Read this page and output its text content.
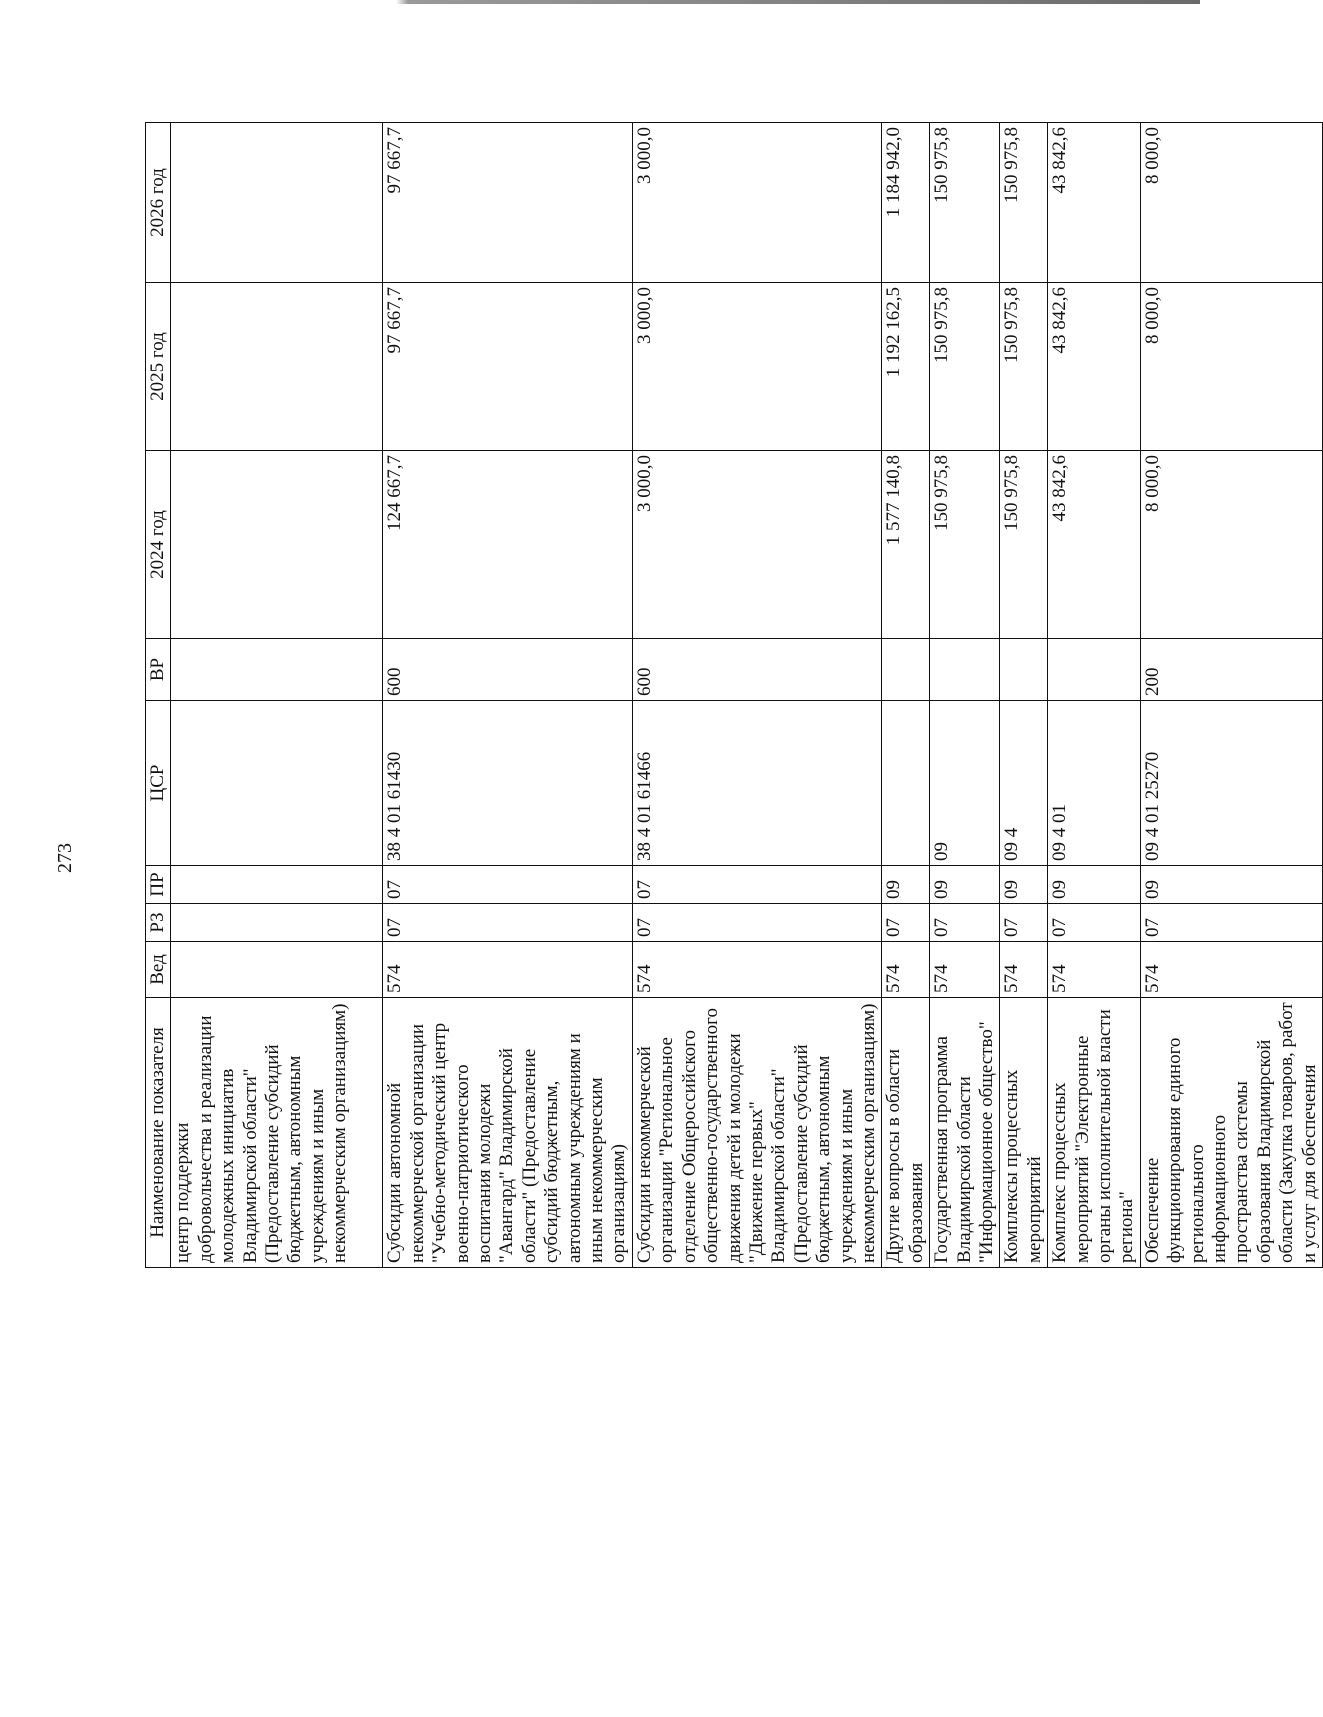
273
Наименование показателя	Вед	РЗ	ПР	ЦСР	ВР	2024 год	2025 год	2026 год
центр поддержки добровольчества и реализации молодежных инициатив Владимирской области" (Предоставление субсидий бюджетным, автономным учреждениям и иным некоммерческим организациям)								
Субсидии автономной некоммерческой организации "Учебно-методический центр военно-патриотического воспитания молодежи "Авангард" Владимирской области" (Предоставление субсидий бюджетным, автономным учреждениям и иным некоммерческим организациям)	574	07	07	38 4 01 61430	600	124 667,7	97 667,7	97 667,7
Субсидии некоммерческой организации "Региональное отделение Общероссийского общественно-государственного движения детей и молодежи "Движение первых" Владимирской области" (Предоставление субсидий бюджетным, автономным учреждениям и иным некоммерческим организациям)	574	07	07	38 4 01 61466	600	3 000,0	3 000,0	3 000,0
Другие вопросы в области образования	574	07	09			1 577 140,8	1 192 162,5	1 184 942,0
Государственная программа Владимирской области "Информационное общество"	574	07	09	09		150 975,8	150 975,8	150 975,8
Комплексы процессных мероприятий	574	07	09	09 4		150 975,8	150 975,8	150 975,8
Комплекс процессных мероприятий "Электронные органы исполнительной власти региона"	574	07	09	09 4 01		43 842,6	43 842,6	43 842,6
Обеспечение функционирования единого регионального информационного пространства системы образования Владимирской области (Закупка товаров, работ и услуг для обеспечения	574	07	09	09 4 01 25270	200	8 000,0	8 000,0	8 000,0
